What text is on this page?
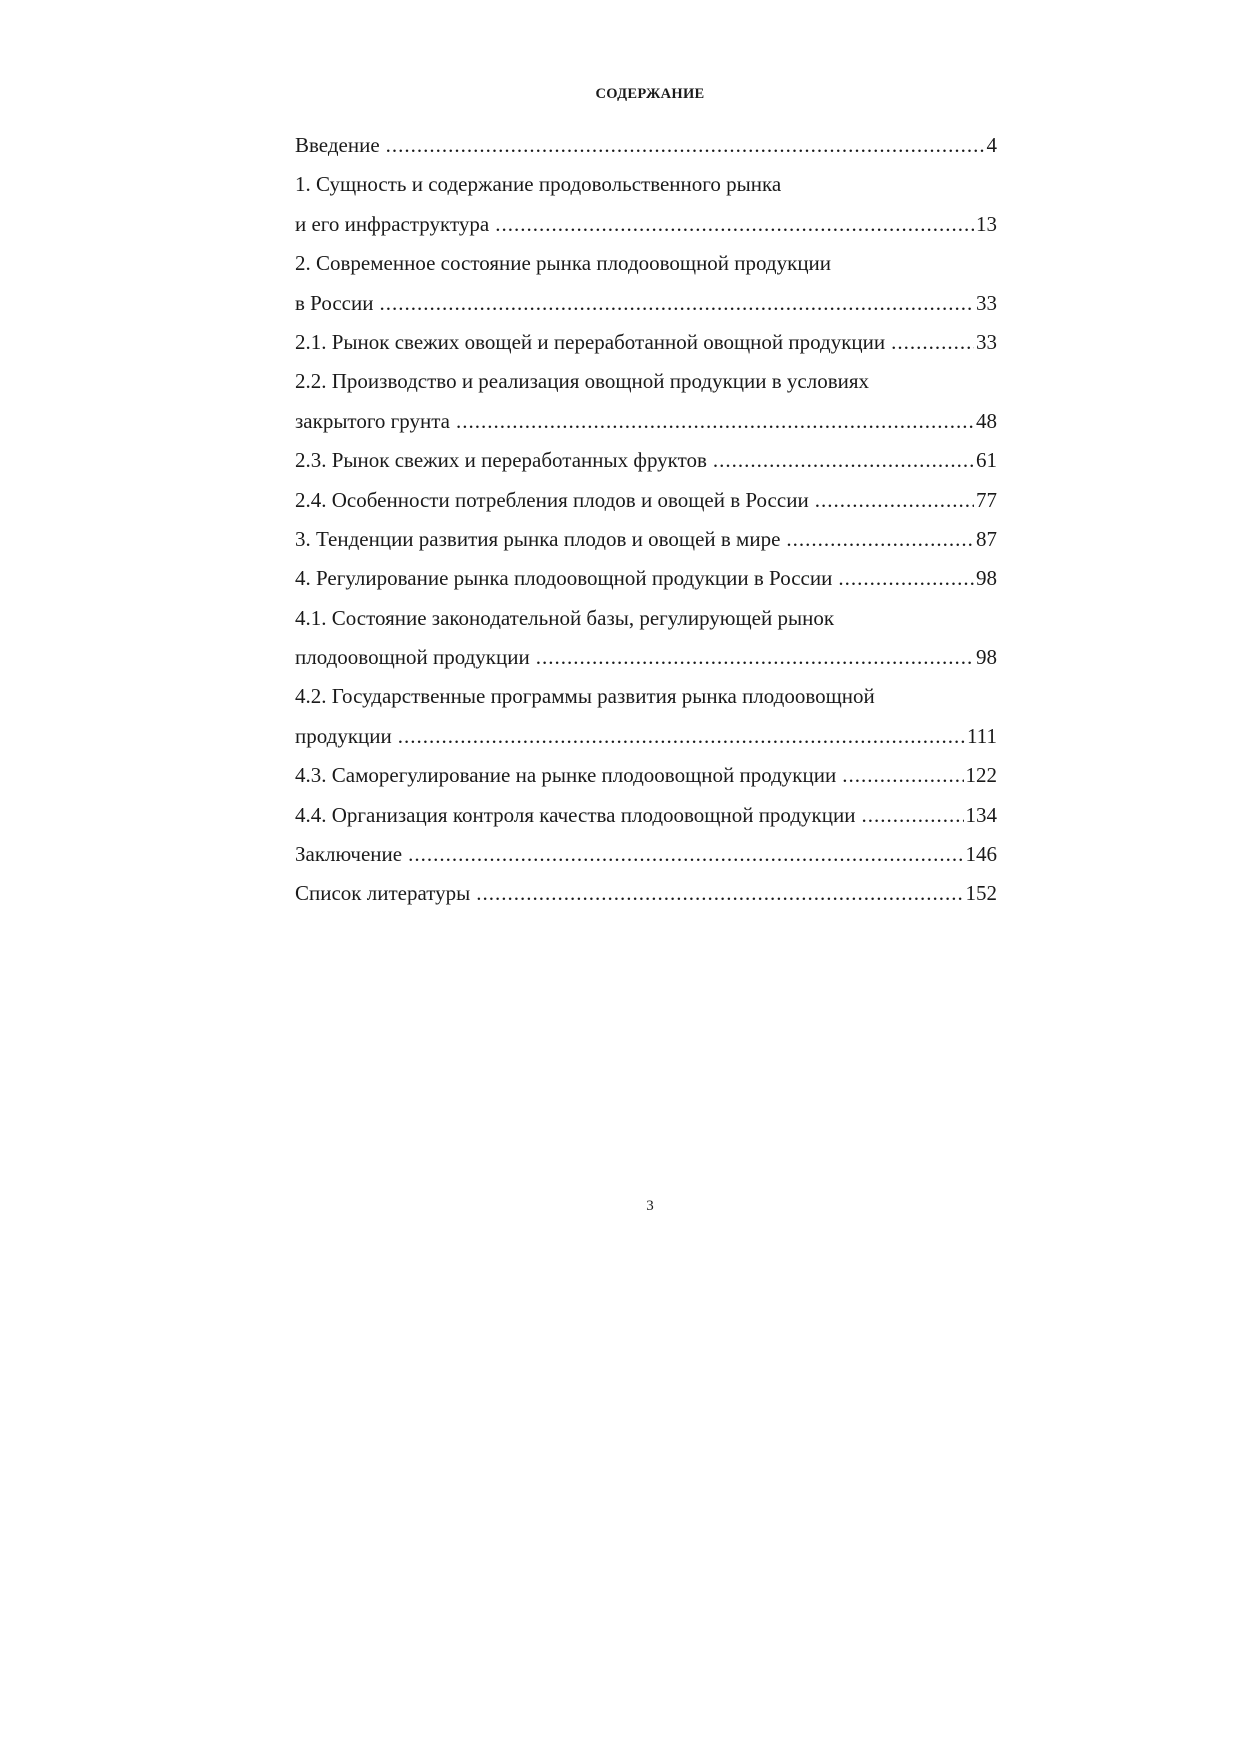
СОДЕРЖАНИЕ
Введение .....	4
1. Сущность и содержание продовольственного рынка
и его инфраструктура .....	13
2. Современное состояние рынка плодоовощной продукции
в России .....	33
2.1. Рынок свежих овощей и переработанной овощной продукции .....	33
2.2. Производство и реализация овощной продукции в условиях
закрытого грунта .....	48
2.3. Рынок свежих и переработанных фруктов .....	61
2.4. Особенности потребления плодов и овощей в России .....	77
3. Тенденции развития рынка плодов и овощей в мире .....	87
4. Регулирование рынка плодоовощной продукции в России .....	98
4.1. Состояние законодательной базы, регулирующей рынок
плодоовощной продукции .....	98
4.2. Государственные программы развития рынка плодоовощной
продукции .....	111
4.3. Саморегулирование на рынке плодоовощной продукции .....	122
4.4. Организация контроля качества плодоовощной продукции .....	134
Заключение .....	146
Список литературы .....	152
3
